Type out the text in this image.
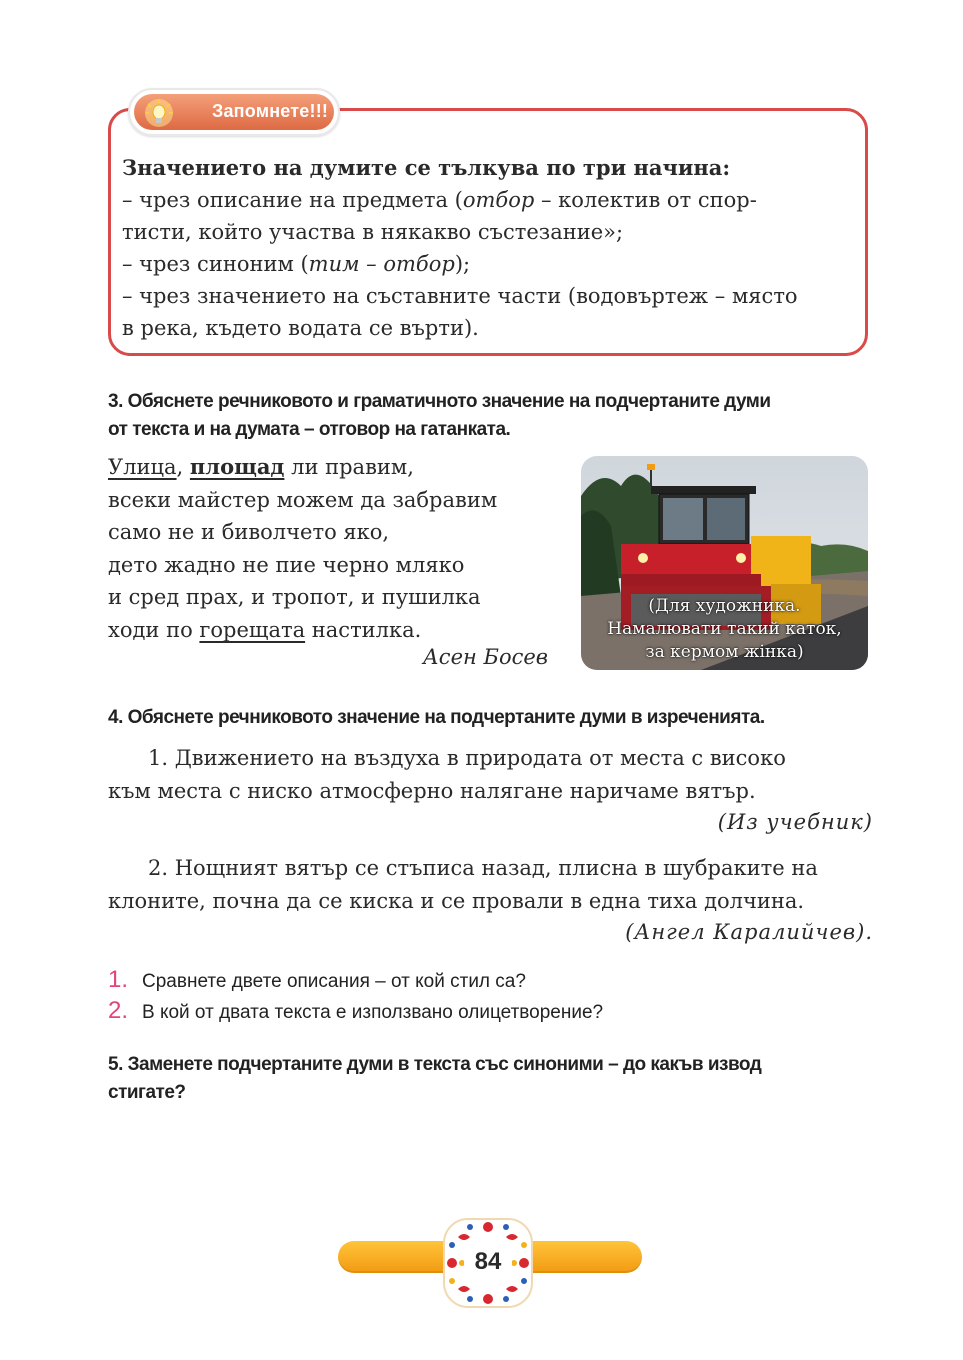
Запомнете!!!

Значението на думите се тълкува по три начина:

– чрез описание на предмета (отбор – колектив от спор-

тисти, който участва в някакво състезание»;

– чрез синоним (тим – отбор);

– чрез значението на съставните части (водовъртеж – място

в река, където водата се върти).

3. Обяснете речниковото и граматичното значение на подчертаните думи
от текста и на думата – отговор на гатанката.
Улица, площад ли правим,
всеки майстер можем да забравим
само не и биволчето яко,
дето жадно не пие черно мляко
и сред прах, и тропот, и пушилка
ходи по горещата настилка.
Асен Босев
(Для художника.
Намалювати такий каток,
за кермом жінка)
4. Обяснете речниковото значение на подчертаните думи в изреченията.
1. Движението на въздуха в природата от места с високо
към места с ниско атмосферно налягане наричаме вятър.
(Из учебник)
2. Нощният вятър се стъписа назад, плисна в шубраките на
клоните, почна да се киска и се провали в една тиха долчина.
(Ангел Каралийчев).
1. Сравнете двете описания – от кой стил са?
2. В кой от двата текста е използвано олицетворение?
5. Заменете подчертаните думи в текста със синоними – до какъв извод
стигате?
84
